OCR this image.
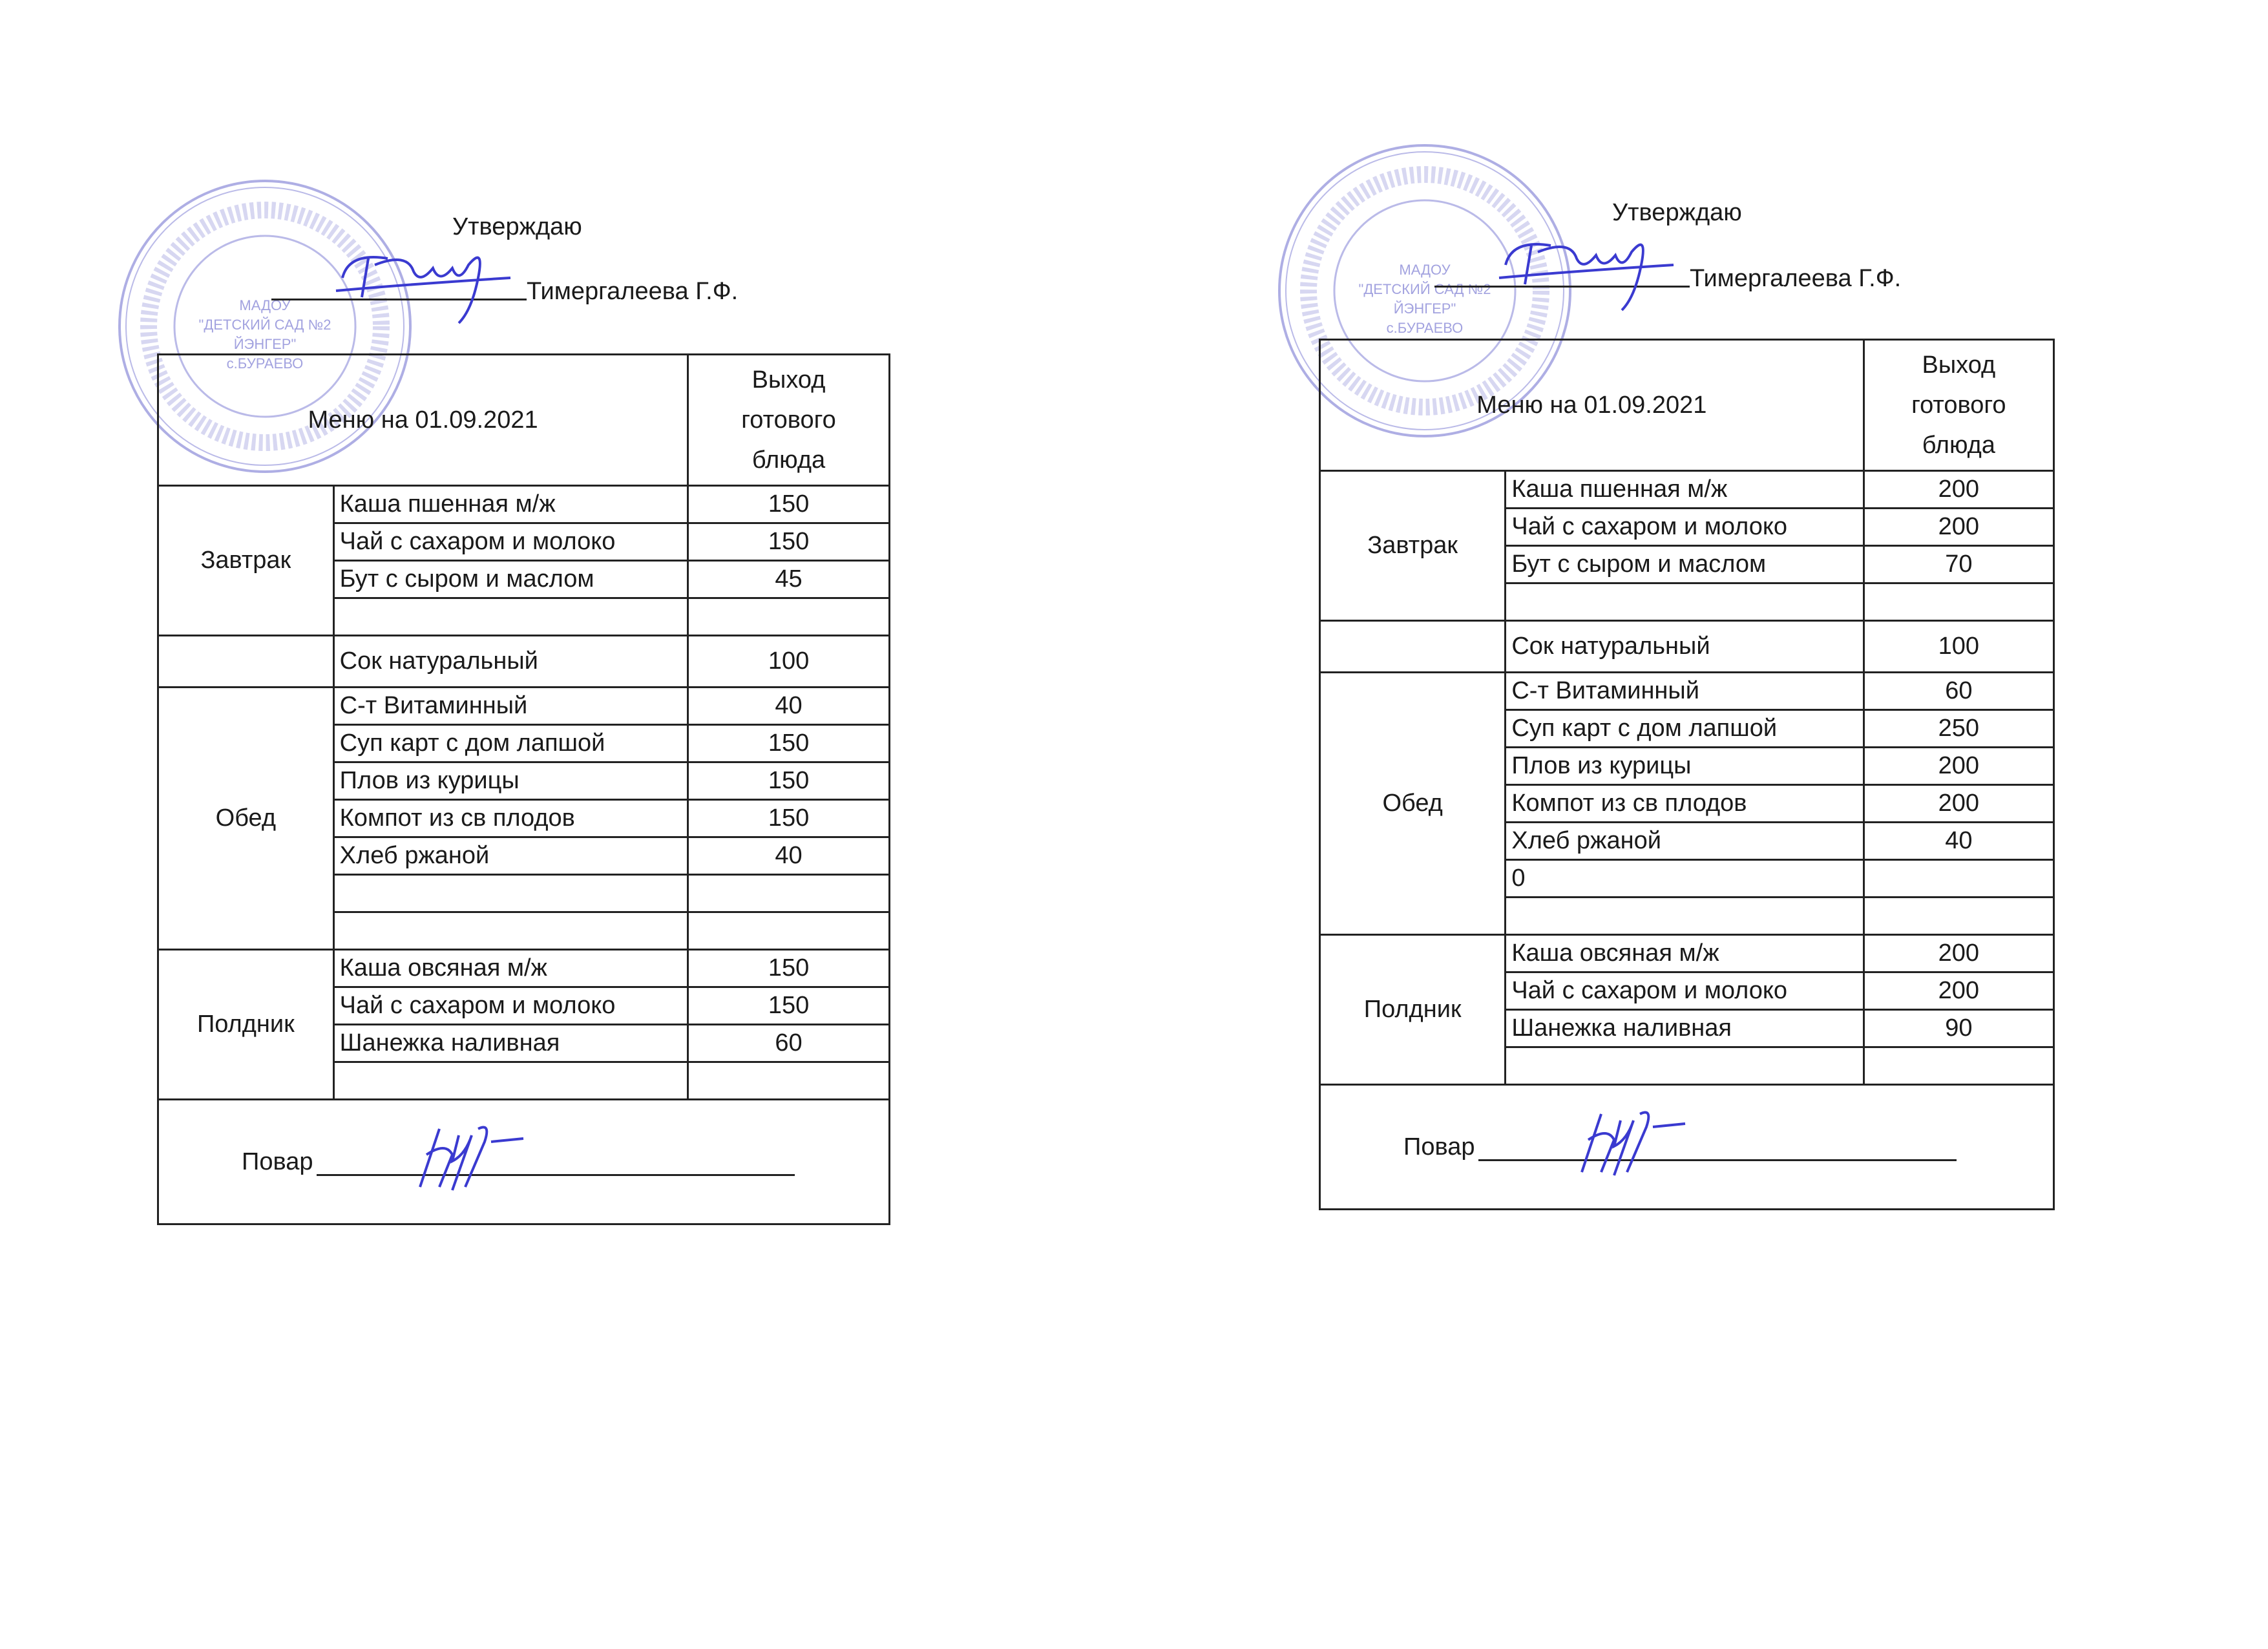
МАДОУ
"ДЕТСКИЙ САД №2
ЙЭНГЕР"
с.БУРАЕВО
Утверждаю
Тимергалеева Г.Ф.
Меню на 01.09.2021		Выход
готового
блюда

Завтрак	Каша пшенная м/ж	150
	Чай с сахаром и молоко	150
	Бут с сыром и маслом	45

	Сок натуральный	100
Обед	С-т Витаминный	40
	Суп карт с дом лапшой	150
	Плов из курицы	150
	Компот из св плодов	150
	Хлеб ржаной	40

Полдник	Каша овсяная м/ж	150
	Чай с сахаром и молоко	150
	Шанежка наливная	60

Повар		
МАДОУ
"ДЕТСКИЙ САД №2
ЙЭНГЕР"
с.БУРАЕВО
Утверждаю
Тимергалеева Г.Ф.
Меню на 01.09.2021		Выход
готового
блюда

Завтрак	Каша пшенная м/ж	200
	Чай с сахаром и молоко	200
	Бут с сыром и маслом	70

	Сок натуральный	100
Обед	С-т Витаминный	60
	Суп карт с дом лапшой	250
	Плов из курицы	200
	Компот из св плодов	200
	Хлеб ржаной	40
	0	

Полдник	Каша овсяная м/ж	200
	Чай с сахаром и молоко	200
	Шанежка наливная	90

Повар		
